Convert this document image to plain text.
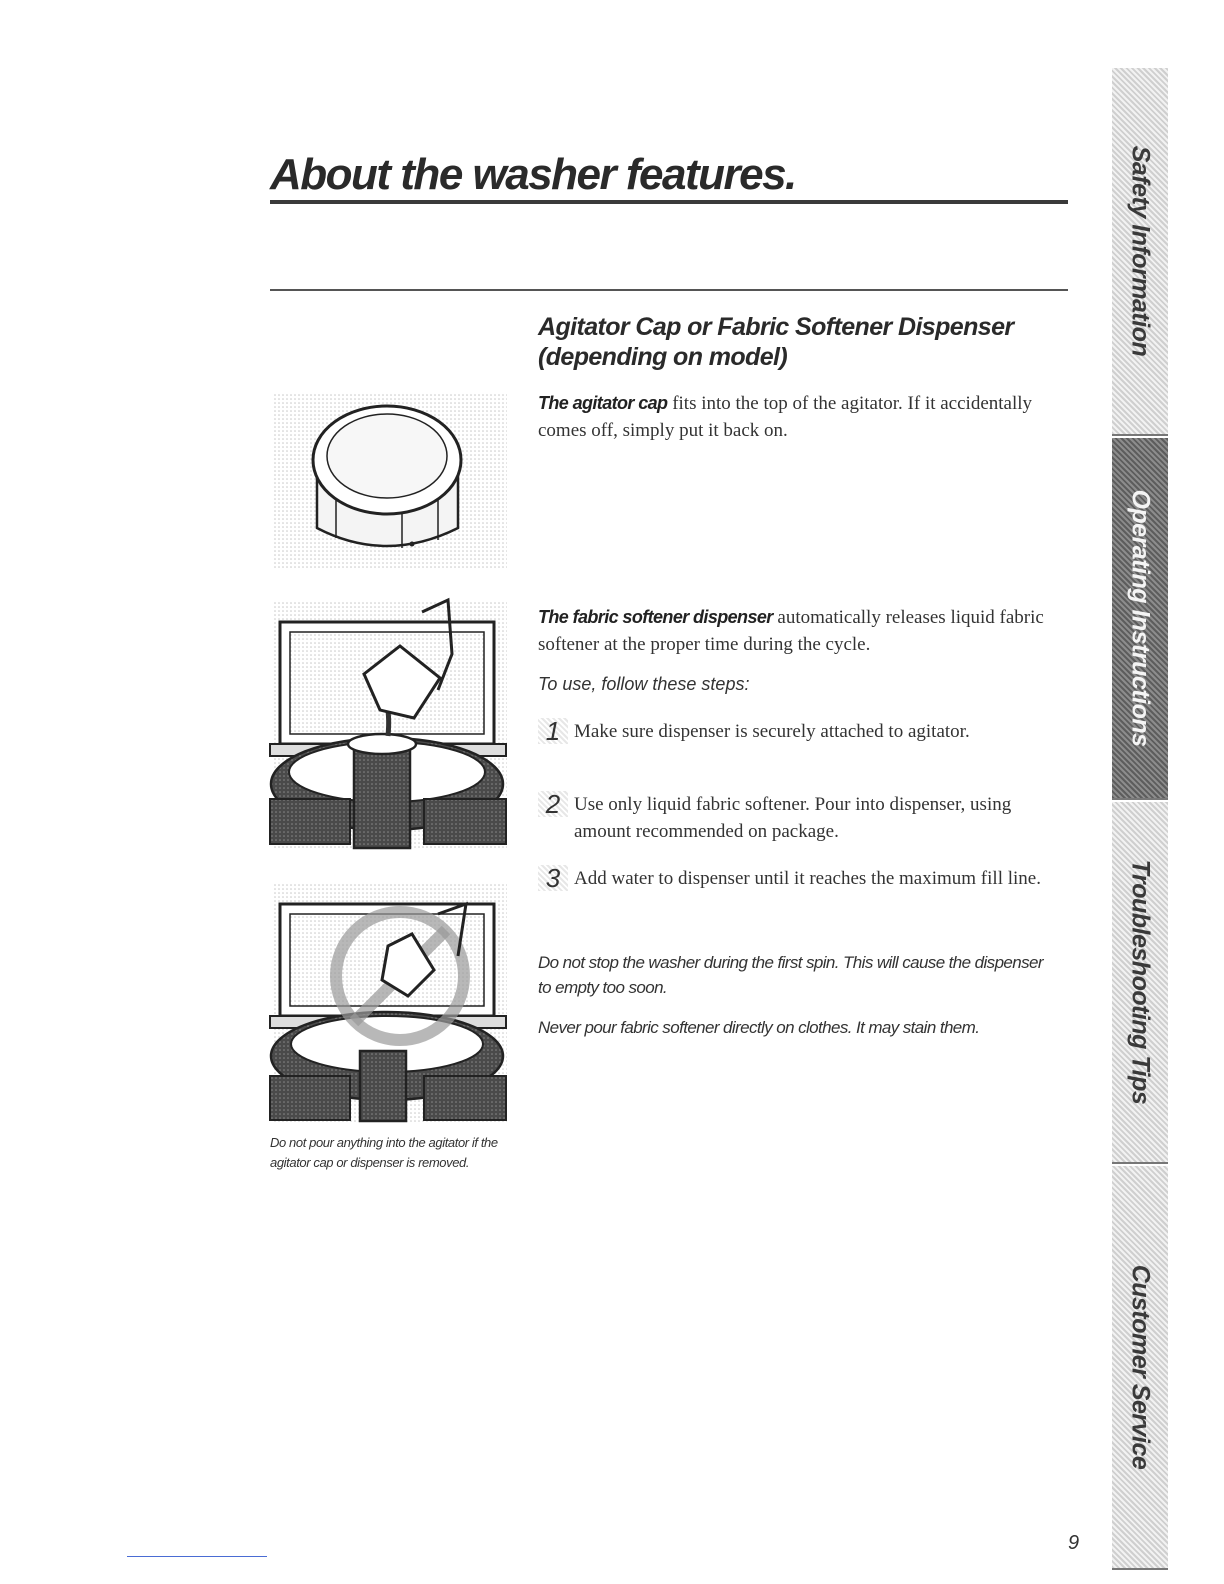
About the washer features.
Agitator Cap or Fabric Softener Dispenser
(depending on model)

The agitator cap fits into the top of the agitator. If it accidentally comes off, simply put it back on.

The fabric softener dispenser automatically releases liquid fabric softener at the proper time during the cycle.

To use, follow these steps:

1 Make sure dispenser is securely attached to agitator.
2 Use only liquid fabric softener. Pour into dispenser, using amount recommended on package.
3 Add water to dispenser until it reaches the maximum fill line.

Do not stop the washer during the first spin. This will cause the dispenser to empty too soon.

Never pour fabric softener directly on clothes. It may stain them.

Do not pour anything into the agitator if the agitator cap or dispenser is removed.

9
Safety Information
Operating Instructions
Troubleshooting Tips
Customer Service
